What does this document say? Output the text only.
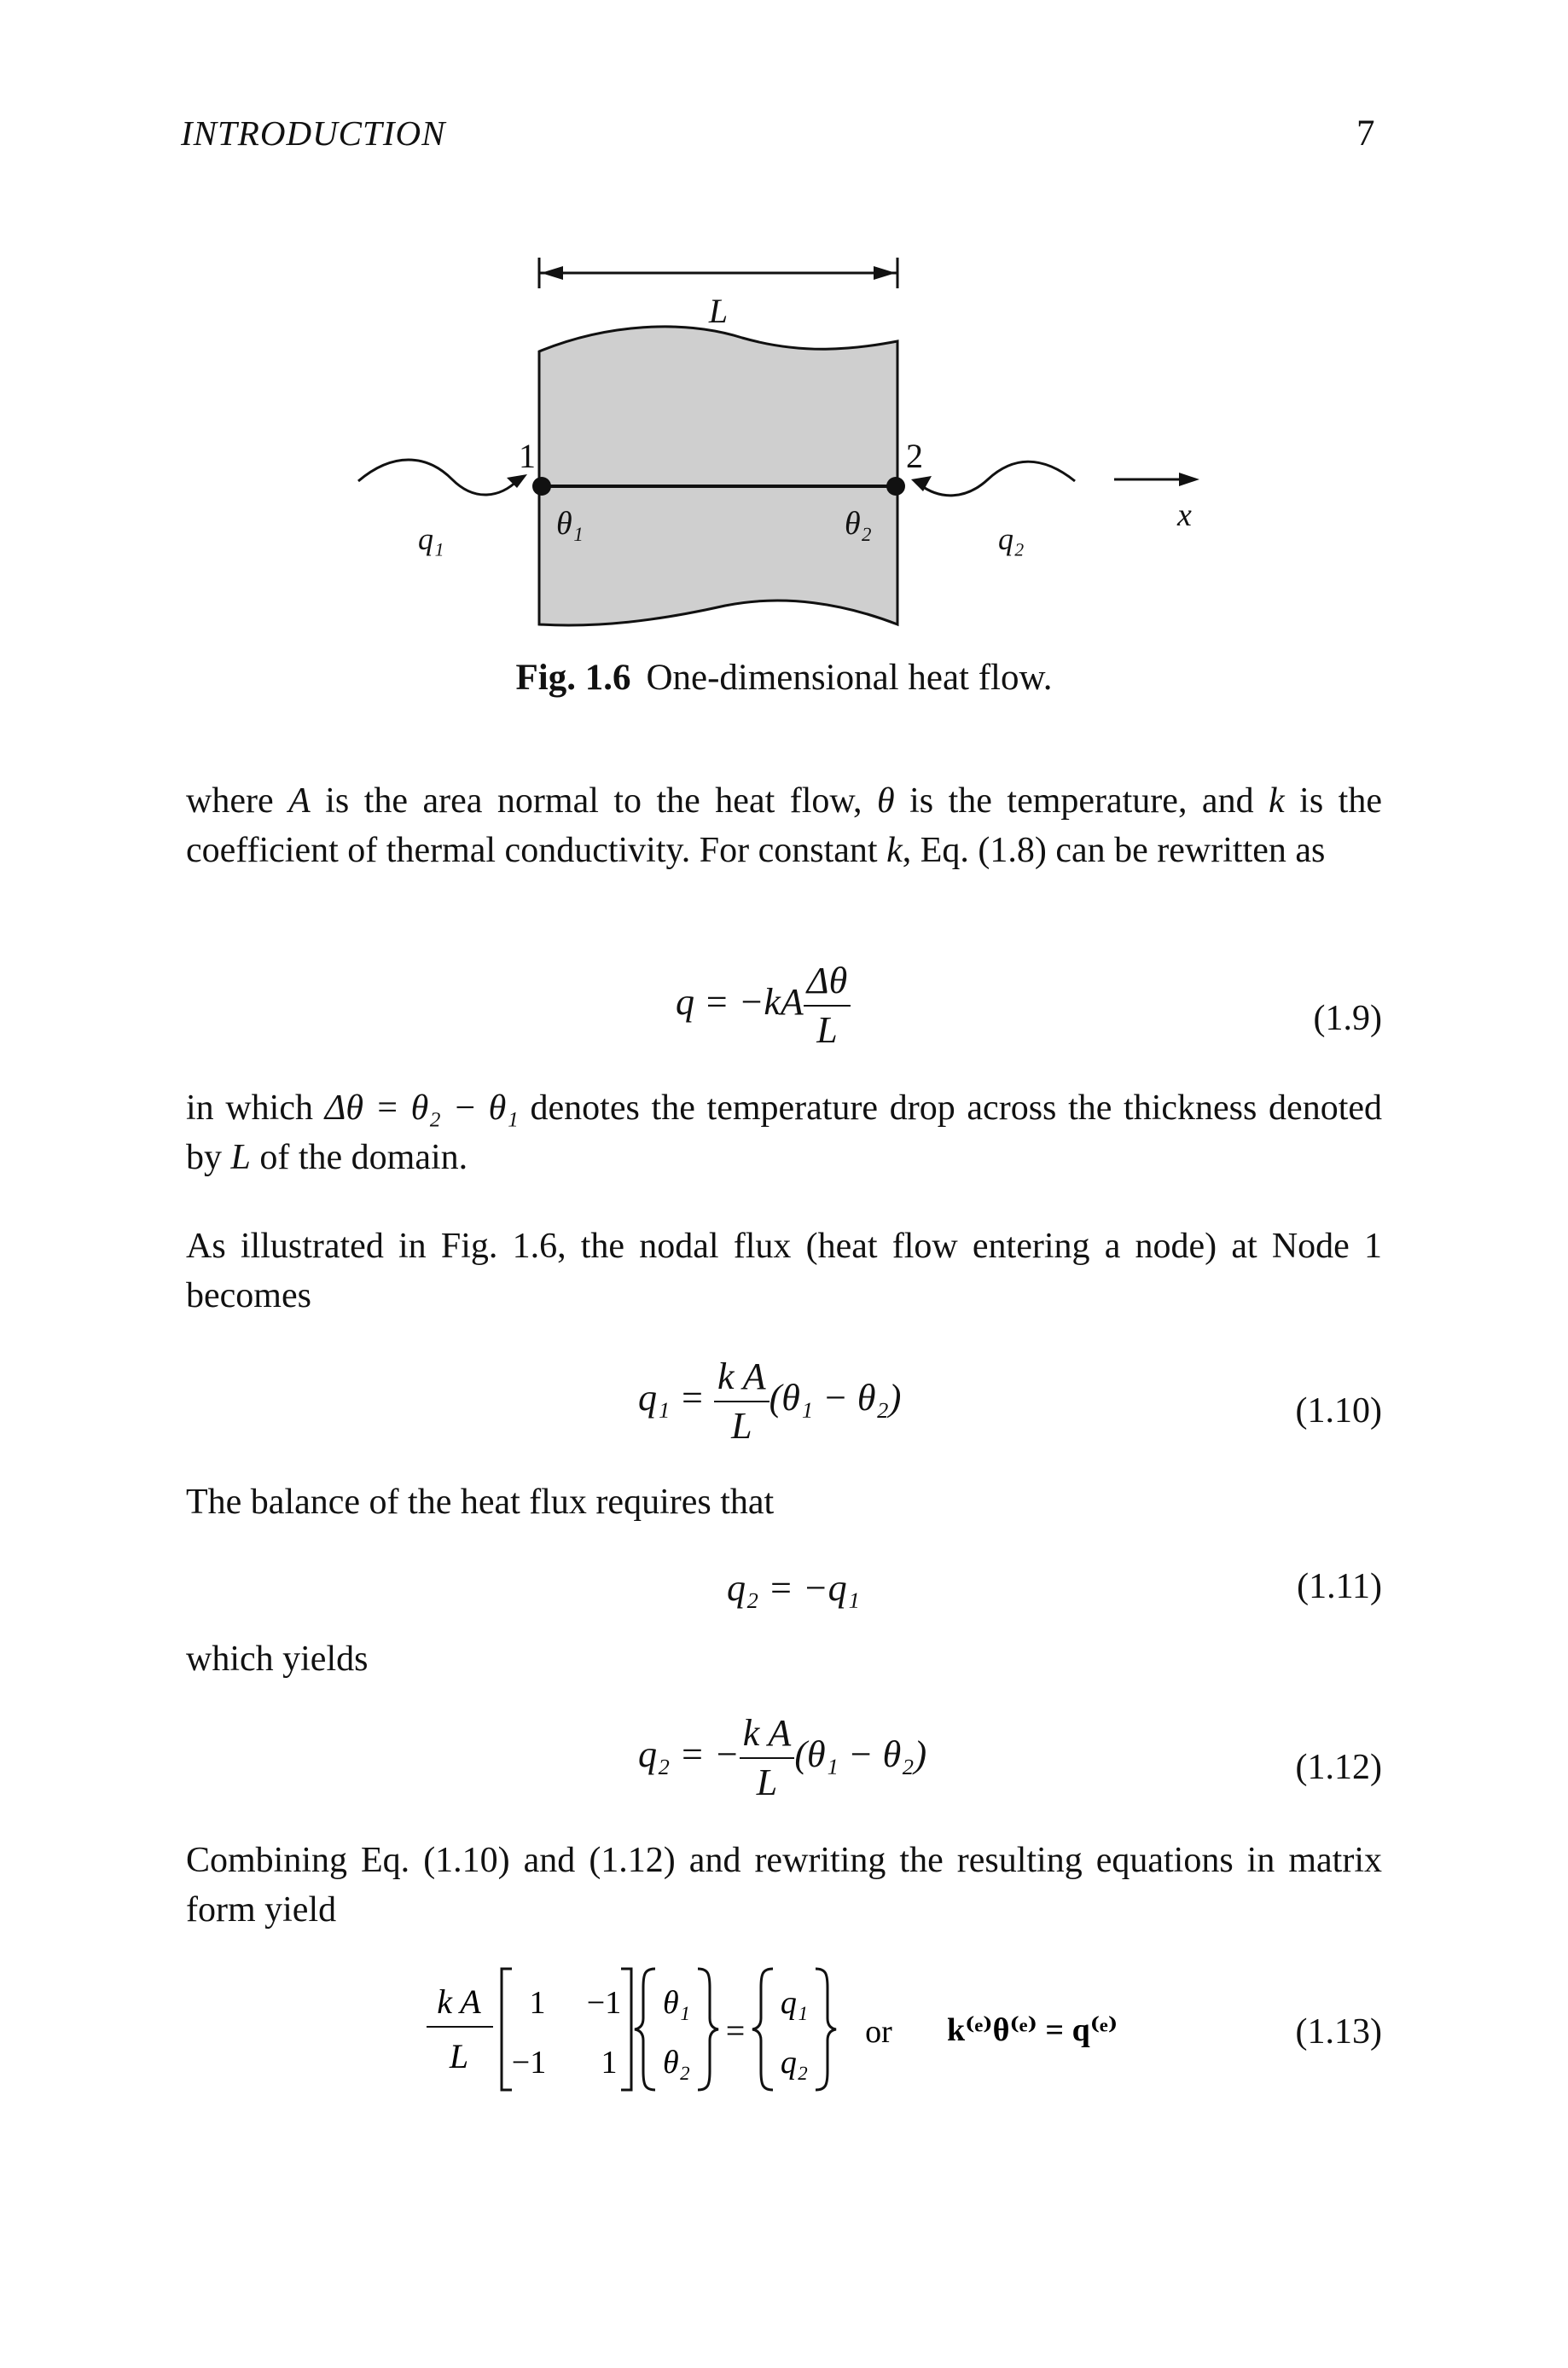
INTRODUCTION	7
L
1	2
θ₁	θ₂
q₁	q₂
x
Fig. 1.6 One-dimensional heat flow.
where A is the area normal to the heat flow, θ is the temperature, and k is the coefficient of thermal conductivity. For constant k, Eq. (1.8) can be rewritten as
$q = -kA \frac{\Delta\theta}{L}$	(1.9)
in which Δθ = θ₂ − θ₁ denotes the temperature drop across the thickness denoted by L of the domain.
As illustrated in Fig. 1.6, the nodal flux (heat flow entering a node) at Node 1 becomes
$q_1 = \frac{\text{k A}}{L} (\theta_1 - \theta_2)$	(1.10)
The balance of the heat flux requires that
q₂ = −q₁	(1.11)
which yields
q₂ = − $\frac{\text{k A}}{L} (\theta_1 - \theta_2)$	(1.12)
Combining Eq. (1.10) and (1.12) and rewriting the resulting equations in matrix form yield
k A
L
1 −1
−1 1
θ₁
θ₂
=
q₁
q₂
or k⁽ᵉ⁾θ⁽ᵉ⁾ = q⁽ᵉ⁾	(1.13)
